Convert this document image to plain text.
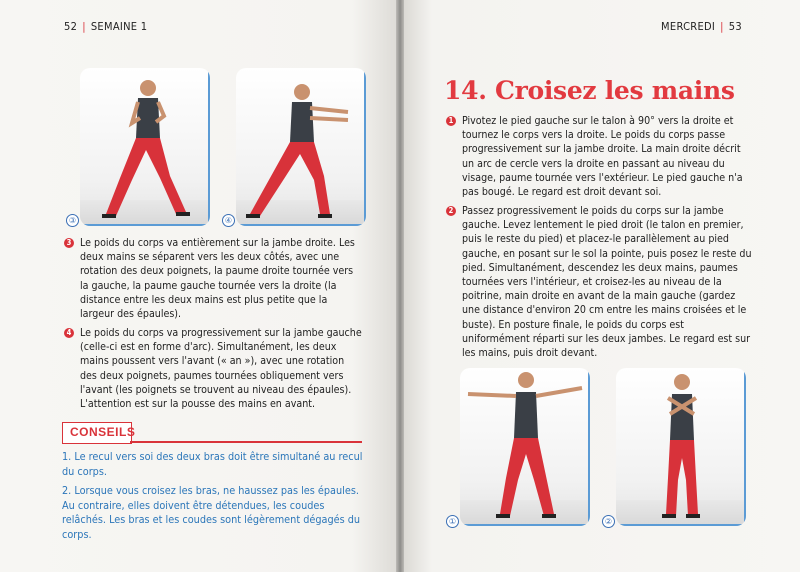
52 | SEMAINE 1
③	④
3 Le poids du corps va entièrement sur la jambe droite. Les deux mains se séparent vers les deux côtés, avec une rotation des deux poignets, la paume droite tournée vers la gauche, la paume gauche tournée vers la droite (la distance entre les deux mains est plus petite que la largeur des épaules).
4 Le poids du corps va progressivement sur la jambe gauche (celle-ci est en forme d'arc). Simultanément, les deux mains poussent vers l'avant (« an »), avec une rotation des deux poignets, paumes tournées obliquement vers l'avant (les poignets se trouvent au niveau des épaules). L'attention est sur la pousse des mains en avant.
CONSEILS
1. Le recul vers soi des deux bras doit être simultané au recul du corps.
2. Lorsque vous croisez les bras, ne haussez pas les épaules. Au contraire, elles doivent être détendues, les coudes relâchés. Les bras et les coudes sont légèrement dégagés du corps.
MERCREDI | 53
14. Croisez les mains
1 Pivotez le pied gauche sur le talon à 90° vers la droite et tournez le corps vers la droite. Le poids du corps passe progressivement sur la jambe droite. La main droite décrit un arc de cercle vers la droite en passant au niveau du visage, paume tournée vers l'extérieur. Le pied gauche n'a pas bougé. Le regard est droit devant soi.
2 Passez progressivement le poids du corps sur la jambe gauche. Levez lentement le pied droit (le talon en premier, puis le reste du pied) et placez-le parallèlement au pied gauche, en posant sur le sol la pointe, puis posez le reste du pied. Simultanément, descendez les deux mains, paumes tournées vers l'intérieur, et croisez-les au niveau de la poitrine, main droite en avant de la main gauche (gardez une distance d'environ 20 cm entre les mains croisées et le buste). En posture finale, le poids du corps est uniformément réparti sur les deux jambes. Le regard est sur les mains, puis droit devant.
①	②
